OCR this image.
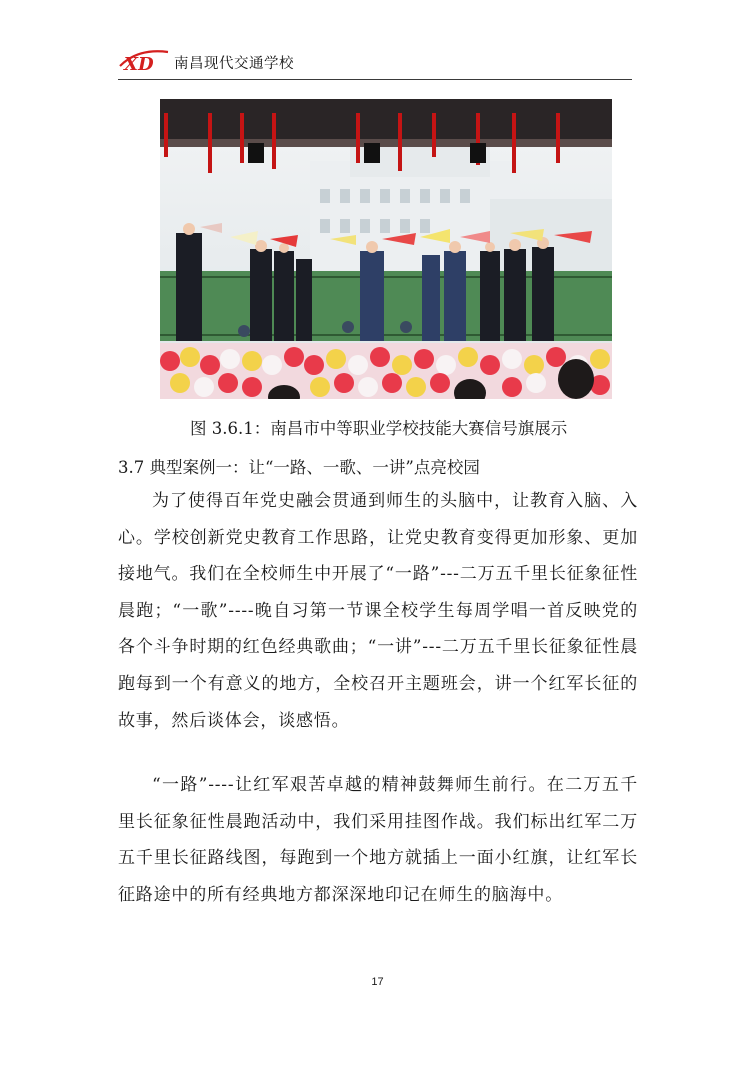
XD 南昌现代交通学校
图 3.6.1：南昌市中等职业学校技能大赛信号旗展示
3.7 典型案例一：让“一路、一歌、一讲”点亮校园

为了使得百年党史融会贯通到师生的头脑中，让教育入脑、入心。学校创新党史教育工作思路，让党史教育变得更加形象、更加接地气。我们在全校师生中开展了“一路”---二万五千里长征象征性晨跑；“一歌”----晚自习第一节课全校学生每周学唱一首反映党的各个斗争时期的红色经典歌曲；“一讲”---二万五千里长征象征性晨跑每到一个有意义的地方，全校召开主题班会，讲一个红军长征的故事，然后谈体会，谈感悟。

“一路”----让红军艰苦卓越的精神鼓舞师生前行。在二万五千里长征象征性晨跑活动中，我们采用挂图作战。我们标出红军二万五千里长征路线图，每跑到一个地方就插上一面小红旗，让红军长征路途中的所有经典地方都深深地印记在师生的脑海中。

17
